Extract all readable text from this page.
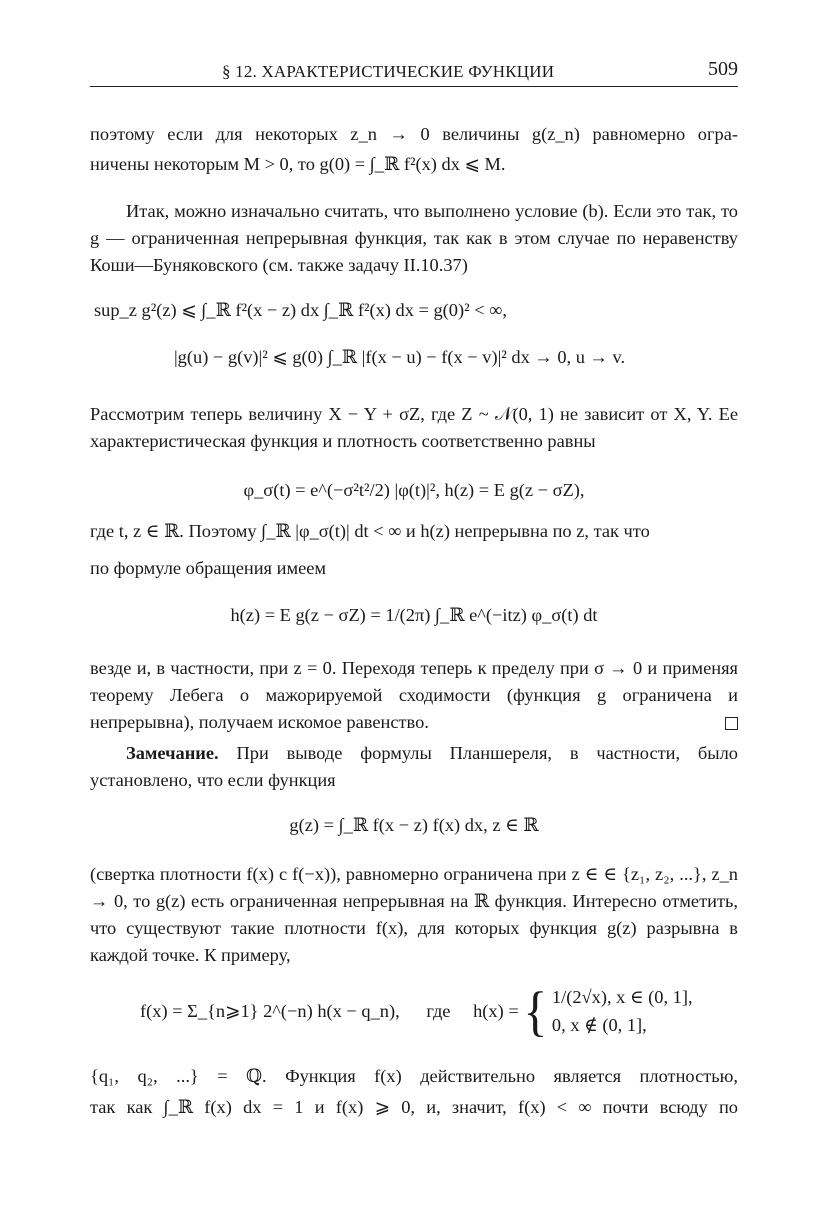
§ 12. ХАРАКТЕРИСТИЧЕСКИЕ ФУНКЦИИ	509

поэтому если для некоторых z_n → 0 величины g(z_n) равномерно огра-

ничены некоторым M > 0, то g(0) = ∫_ℝ f²(x) dx ⩽ M.

Итак, можно изначально считать, что выполнено условие (b). Если это так, то g — ограниченная непрерывная функция, так как в этом случае по неравенству Коши—Буняковского (см. также задачу II.10.37)

sup_z g²(z) ⩽ ∫_ℝ f²(x − z) dx ∫_ℝ f²(x) dx = g(0)² < ∞,
|g(u) − g(v)|² ⩽ g(0) ∫_ℝ |f(x − u) − f(x − v)|² dx → 0, u → v.

Рассмотрим теперь величину X − Y + σZ, где Z ~ 𝒩(0, 1) не зависит от X, Y. Ее характеристическая функция и плотность соответственно равны

φ_σ(t) = e^(−σ²t²/2) |φ(t)|², h(z) = E g(z − σZ),

где t, z ∈ ℝ. Поэтому ∫_ℝ |φ_σ(t)| dt < ∞ и h(z) непрерывна по z, так что

по формуле обращения имеем

h(z) = E g(z − σZ) = 1/(2π) ∫_ℝ e^(−itz) φ_σ(t) dt
везде и, в частности, при z = 0. Переходя теперь к пределу при σ → 0 и применяя теорему Лебега о мажорируемой сходимости (функция g ограничена и непрерывна), получаем искомое равенство.
Замечание. При выводе формулы Планшереля, в частности, было установлено, что если функция
g(z) = ∫_ℝ f(x − z) f(x) dx, z ∈ ℝ

(свертка плотности f(x) с f(−x)), равномерно ограничена при z ∈ ∈ {z₁, z₂, ...}, z_n → 0, то g(z) есть ограниченная непрерывная на ℝ функция. Интересно отметить, что существуют такие плотности f(x), для которых функция g(z) разрывна в каждой точке. К примеру,

f(x) = Σ_{n⩾1} 2^(−n) h(x − q_n), где h(x) = { 1/(2√x), x ∈ (0, 1],
0, x ∉ (0, 1],

{q₁, q₂, ...} = ℚ. Функция f(x) действительно является плотностью,

так как ∫_ℝ f(x) dx = 1 и f(x) ⩾ 0, и, значит, f(x) < ∞ почти всюду по
